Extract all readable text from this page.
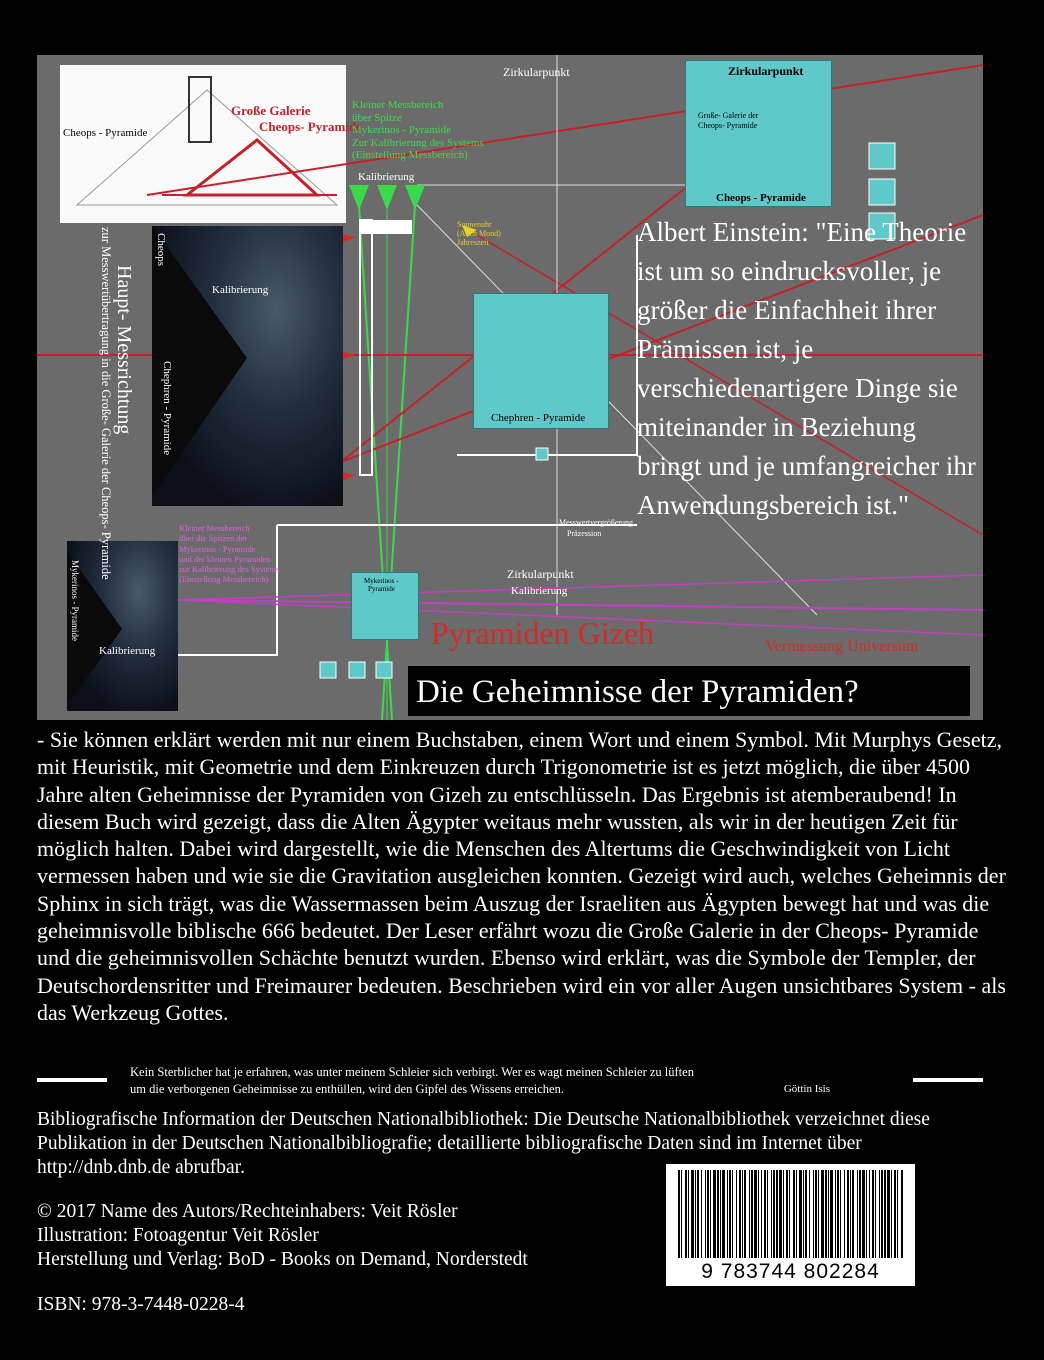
Zirkularpunkt
Große- Galerie der
Cheops- Pyramide
Cheops - Pyramide
Chephren - Pyramide
Mykerinos -
Pyramide
Zirkularpunkt
Cheops - Pyramide
Große Galerie
Cheops- Pyramide
Kleiner Messbereich
über Spitze
Mykerinos - Pyramide
Zur Kalibrierung des Systems
(Einstellung Messbereich)
Kalibrierung
Sonnenuhr
(Auch Mond)
Jahreszeit
Cheops
Kalibrierung
Chephren - Pyramide
Haupt- Messrichtung
zur Messwertübertragung in die Große- Galerie der Cheops- Pyramide	Messwertvergrößerung
Präzession
Zirkularpunkt
Kalibrierung
Kleiner Messbereich
über die Spitzen der
Mykerinos - Pyramide
und der kleinen Pyramiden
zur Kalibrierung des Systems
(Einstellung Messbereich)
Mykerinos - Pyramide
Kalibrierung	Pyramiden Gizeh	Vermessung Universum
Albert Einstein: "Eine Theorie ist um so eindrucksvoller, je größer die Einfachheit ihrer Prämissen ist, je verschiedenartigere Dinge sie miteinander in Beziehung bringt und je umfangreicher ihr Anwendungsbereich ist."
Die Geheimnisse der Pyramiden?
- Sie können erklärt werden mit nur einem Buchstaben, einem Wort und einem Symbol. Mit Murphys Gesetz, mit Heuristik, mit Geometrie und dem Einkreuzen durch Trigonometrie ist es jetzt möglich, die über 4500 Jahre alten Geheimnisse der Pyramiden von Gizeh zu entschlüsseln. Das Ergebnis ist atemberaubend! In diesem Buch wird gezeigt, dass die Alten Ägypter weitaus mehr wussten, als wir in der heutigen Zeit für möglich halten. Dabei wird dargestellt, wie die Menschen des Altertums die Geschwindigkeit von Licht vermessen haben und wie sie die Gravitation ausgleichen konnten. Gezeigt wird auch, welches Geheimnis der Sphinx in sich trägt, was die Wassermassen beim Auszug der Israeliten aus Ägypten bewegt hat und was die geheimnisvolle biblische 666 bedeutet. Der Leser erfährt wozu die Große Galerie in der Cheops- Pyramide und die geheimnisvollen Schächte benutzt wurden. Ebenso wird erklärt, was die Symbole der Templer, der Deutschordensritter und Freimaurer bedeuten. Beschrieben wird ein vor aller Augen unsichtbares System - als das Werkzeug Gottes.
Kein Sterblicher hat je erfahren, was unter meinem Schleier sich verbirgt. Wer es wagt meinen Schleier zu lüften
um die verborgenen Geheimnisse zu enthüllen, wird den Gipfel des Wissens erreichen.	Göttin Isis
Bibliografische Information der Deutschen Nationalbibliothek: Die Deutsche Nationalbibliothek verzeichnet diese Publikation in der Deutschen Nationalbibliografie; detaillierte bibliografische Daten sind im Internet über http://dnb.dnb.de abrufbar.
© 2017 Name des Autors/Rechteinhabers: Veit Rösler
Illustration: Fotoagentur Veit Rösler
Herstellung und Verlag: BoD - Books on Demand, Norderstedt
ISBN: 978-3-7448-0228-4
9 783744 802284
